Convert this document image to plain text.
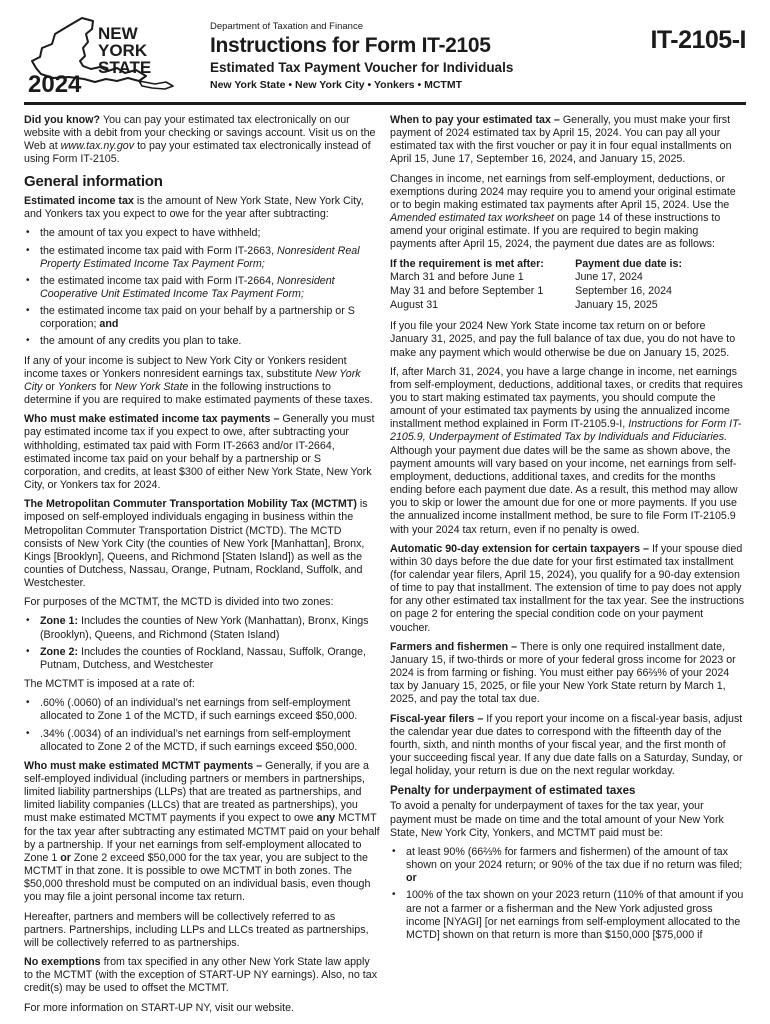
NEW
YORK
STATE
2024
Department of Taxation and Finance
Instructions for Form IT-2105
Estimated Tax Payment Voucher for Individuals
New York State • New York City • Yonkers • MCTMT
IT-2105-I

Did you know? You can pay your estimated tax electronically on our website with a debit from your checking or savings account. Visit us on the Web at www.tax.ny.gov to pay your estimated tax electronically instead of using Form IT-2105.

General information

Estimated income tax is the amount of New York State, New York City, and Yonkers tax you expect to owe for the year after subtracting:

• the amount of tax you expect to have withheld;
• the estimated income tax paid with Form IT-2663, Nonresident Real Property Estimated Income Tax Payment Form;
• the estimated income tax paid with Form IT-2664, Nonresident Cooperative Unit Estimated Income Tax Payment Form;
• the estimated income tax paid on your behalf by a partnership or S corporation; and
• the amount of any credits you plan to take.

If any of your income is subject to New York City or Yonkers resident income taxes or Yonkers nonresident earnings tax, substitute New York City or Yonkers for New York State in the following instructions to determine if you are required to make estimated payments of these taxes.

Who must make estimated income tax payments – Generally you must pay estimated income tax if you expect to owe, after subtracting your withholding, estimated tax paid with Form IT-2663 and/or IT-2664, estimated income tax paid on your behalf by a partnership or S corporation, and credits, at least $300 of either New York State, New York City, or Yonkers tax for 2024.

The Metropolitan Commuter Transportation Mobility Tax (MCTMT) is imposed on self-employed individuals engaging in business within the Metropolitan Commuter Transportation District (MCTD). The MCTD consists of New York City (the counties of New York [Manhattan], Bronx, Kings [Brooklyn], Queens, and Richmond [Staten Island]) as well as the counties of Dutchess, Nassau, Orange, Putnam, Rockland, Suffolk, and Westchester.

For purposes of the MCTMT, the MCTD is divided into two zones:

• Zone 1: Includes the counties of New York (Manhattan), Bronx, Kings (Brooklyn), Queens, and Richmond (Staten Island)
• Zone 2: Includes the counties of Rockland, Nassau, Suffolk, Orange, Putnam, Dutchess, and Westchester

The MCTMT is imposed at a rate of:

• .60% (.0060) of an individual’s net earnings from self-employment allocated to Zone 1 of the MCTD, if such earnings exceed $50,000.
• .34% (.0034) of an individual’s net earnings from self-employment allocated to Zone 2 of the MCTD, if such earnings exceed $50,000.

Who must make estimated MCTMT payments – Generally, if you are a self-employed individual (including partners or members in partnerships, limited liability partnerships (LLPs) that are treated as partnerships, and limited liability companies (LLCs) that are treated as partnerships), you must make estimated MCTMT payments if you expect to owe any MCTMT for the tax year after subtracting any estimated MCTMT paid on your behalf by a partnership. If your net earnings from self-employment allocated to Zone 1 or Zone 2 exceed $50,000 for the tax year, you are subject to the MCTMT in that zone. It is possible to owe MCTMT in both zones. The $50,000 threshold must be computed on an individual basis, even though you may file a joint personal income tax return.

Hereafter, partners and members will be collectively referred to as partners. Partnerships, including LLPs and LLCs treated as partnerships, will be collectively referred to as partnerships.

No exemptions from tax specified in any other New York State law apply to the MCTMT (with the exception of START-UP NY earnings). Also, no tax credit(s) may be used to offset the MCTMT.

For more information on START-UP NY, visit our website.

When to pay your estimated tax – Generally, you must make your first payment of 2024 estimated tax by April 15, 2024. You can pay all your estimated tax with the first voucher or pay it in four equal installments on April 15, June 17, September 16, 2024, and January 15, 2025.

Changes in income, net earnings from self-employment, deductions, or exemptions during 2024 may require you to amend your original estimate or to begin making estimated tax payments after April 15, 2024. Use the Amended estimated tax worksheet on page 14 of these instructions to amend your original estimate. If you are required to begin making payments after April 15, 2024, the payment due dates are as follows:

If the requirement is met after:	Payment due date is:
March 31 and before June 1	June 17, 2024
May 31 and before September 1	September 16, 2024
August 31	January 15, 2025

If you file your 2024 New York State income tax return on or before January 31, 2025, and pay the full balance of tax due, you do not have to make any payment which would otherwise be due on January 15, 2025.

If, after March 31, 2024, you have a large change in income, net earnings from self-employment, deductions, additional taxes, or credits that requires you to start making estimated tax payments, you should compute the amount of your estimated tax payments by using the annualized income installment method explained in Form IT-2105.9-I, Instructions for Form IT-2105.9, Underpayment of Estimated Tax by Individuals and Fiduciaries. Although your payment due dates will be the same as shown above, the payment amounts will vary based on your income, net earnings from self-employment, deductions, additional taxes, and credits for the months ending before each payment due date. As a result, this method may allow you to skip or lower the amount due for one or more payments. If you use the annualized income installment method, be sure to file Form IT-2105.9 with your 2024 tax return, even if no penalty is owed.

Automatic 90-day extension for certain taxpayers – If your spouse died within 30 days before the due date for your first estimated tax installment (for calendar year filers, April 15, 2024), you qualify for a 90-day extension of time to pay that installment. The extension of time to pay does not apply for any other estimated tax installment for the tax year. See the instructions on page 2 for entering the special condition code on your payment voucher.

Farmers and fishermen – There is only one required installment date, January 15, if two-thirds or more of your federal gross income for 2023 or 2024 is from farming or fishing. You must either pay 66⅔% of your 2024 tax by January 15, 2025, or file your New York State return by March 1, 2025, and pay the total tax due.

Fiscal-year filers – If you report your income on a fiscal-year basis, adjust the calendar year due dates to correspond with the fifteenth day of the fourth, sixth, and ninth months of your fiscal year, and the first month of your succeeding fiscal year. If any due date falls on a Saturday, Sunday, or legal holiday, your return is due on the next regular workday.

Penalty for underpayment of estimated taxes

To avoid a penalty for underpayment of taxes for the tax year, your payment must be made on time and the total amount of your New York State, New York City, Yonkers, and MCTMT paid must be:

• at least 90% (66⅔% for farmers and fishermen) of the amount of tax shown on your 2024 return; or 90% of the tax due if no return was filed; or
• 100% of the tax shown on your 2023 return (110% of that amount if you are not a farmer or a fisherman and the New York adjusted gross income [NYAGI] [or net earnings from self-employment allocated to the MCTD] shown on that return is more than $150,000 [$75,000 if
